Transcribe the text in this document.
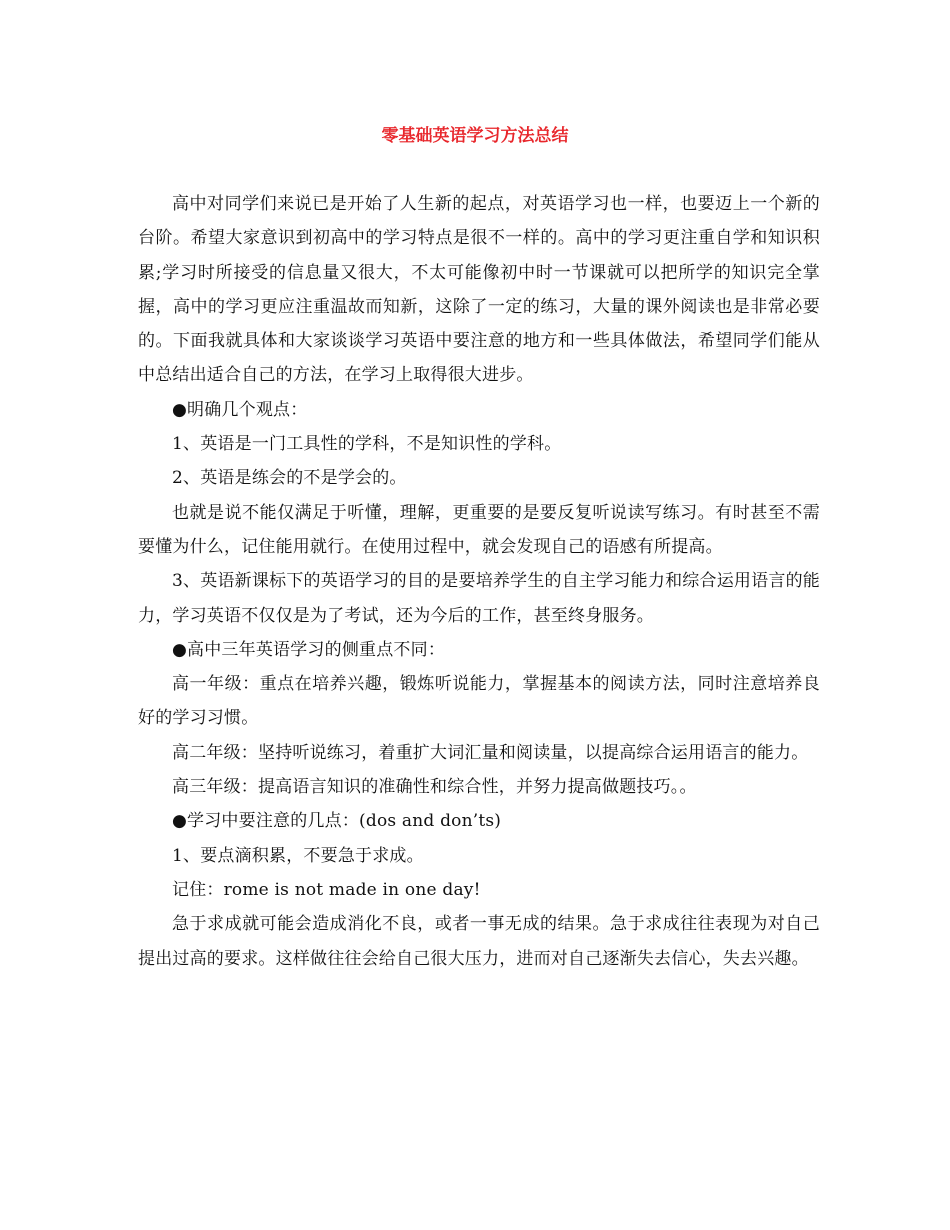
零基础英语学习方法总结

高中对同学们来说已是开始了人生新的起点，对英语学习也一样，也要迈上一个新的台阶。希望大家意识到初高中的学习特点是很不一样的。高中的学习更注重自学和知识积累;学习时所接受的信息量又很大，不太可能像初中时一节课就可以把所学的知识完全掌握，高中的学习更应注重温故而知新，这除了一定的练习，大量的课外阅读也是非常必要的。下面我就具体和大家谈谈学习英语中要注意的地方和一些具体做法，希望同学们能从中总结出适合自己的方法，在学习上取得很大进步。

●明确几个观点：

1、英语是一门工具性的学科，不是知识性的学科。

2、英语是练会的不是学会的。

也就是说不能仅满足于听懂，理解，更重要的是要反复听说读写练习。有时甚至不需要懂为什么，记住能用就行。在使用过程中，就会发现自己的语感有所提高。

3、英语新课标下的英语学习的目的是要培养学生的自主学习能力和综合运用语言的能力，学习英语不仅仅是为了考试，还为今后的工作，甚至终身服务。

●高中三年英语学习的侧重点不同：

高一年级：重点在培养兴趣，锻炼听说能力，掌握基本的阅读方法，同时注意培养良好的学习习惯。

高二年级：坚持听说练习，着重扩大词汇量和阅读量，以提高综合运用语言的能力。

高三年级：提高语言知识的准确性和综合性，并努力提高做题技巧。。

●学习中要注意的几点：(dos and don’ts)

1、要点滴积累，不要急于求成。

记住：rome is not made in one day!

急于求成就可能会造成消化不良，或者一事无成的结果。急于求成往往表现为对自己提出过高的要求。这样做往往会给自己很大压力，进而对自己逐渐失去信心，失去兴趣。
